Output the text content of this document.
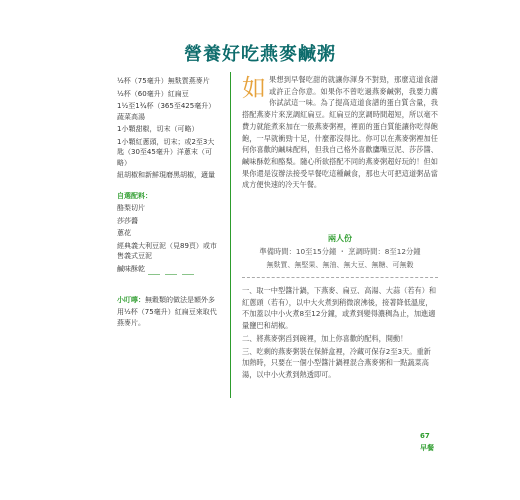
營養好吃燕麥鹹粥

½杯（75毫升）無麩質燕麥片

½杯（60毫升）紅扁豆

1½至1¾杯（365至425毫升）蔬菜高湯

1小顆甜椒，切末（可略）

1小顆紅蔥頭，切末；或2至3大匙（30至45毫升）洋蔥末（可略）

紐胡椒和新鮮現磨黑胡椒，適量

自選配料：

酪梨切片

莎莎醬

蔥花

經典義大利豆泥（見89頁）或市售義式豆泥

鹹味酥乾

小叮嚀：無穀類的做法是額外多用½杯（75毫升）紅扁豆來取代燕麥片。
如果想到早餐吃甜的就讓你渾身不對勁，那麼這道食譜或許正合你意。如果你不曾吃過燕麥鹹粥，我要力薦你試試這一味。為了提高這道食譜的蛋白質含量，我搭配燕麥片來烹調紅扁豆。紅扁豆的烹調時間超短，所以毫不費力就能煮來加在一般燕麥粥裡，裡面的蛋白質能讓你吃得飽飽，一早就衝勁十足，什麼都沒得比。你可以在燕麥粥裡加任何你喜歡的鹹味配料，但我自己格外喜歡鷹嘴豆泥、莎莎醬、鹹味酥乾和酪梨。隨心所欲搭配不同的燕麥粥超好玩的！但如果你還是沒辦法接受早餐吃這種鹹食，那也大可把這道粥品當成方便快速的冷天午餐。
兩人份
準備時間：10至15分鐘 ・ 烹調時間：8至12分鐘
無麩質、無堅果、無油、無大豆、無糖、可無穀
一、取一中型醬汁鍋，下燕麥、扁豆、高湯、大蒜（若有）和紅蔥頭（若有），以中大火煮到稍微滾沸後，接著降低溫度，不加蓋以中小火煮8至12分鐘，或煮到變得濃稠為止，加進適量鹽巴和胡椒。
二、將燕麥粥舀到碗裡，加上你喜歡的配料，開動！
三、吃剩的燕麥粥裝在保鮮盒裡，冷藏可保存2至3天。重新加熱時，只要在一個小型醬汁鍋裡混合燕麥粥和一點蔬菜高湯，以中小火煮到熱透即可。
67
早餐
